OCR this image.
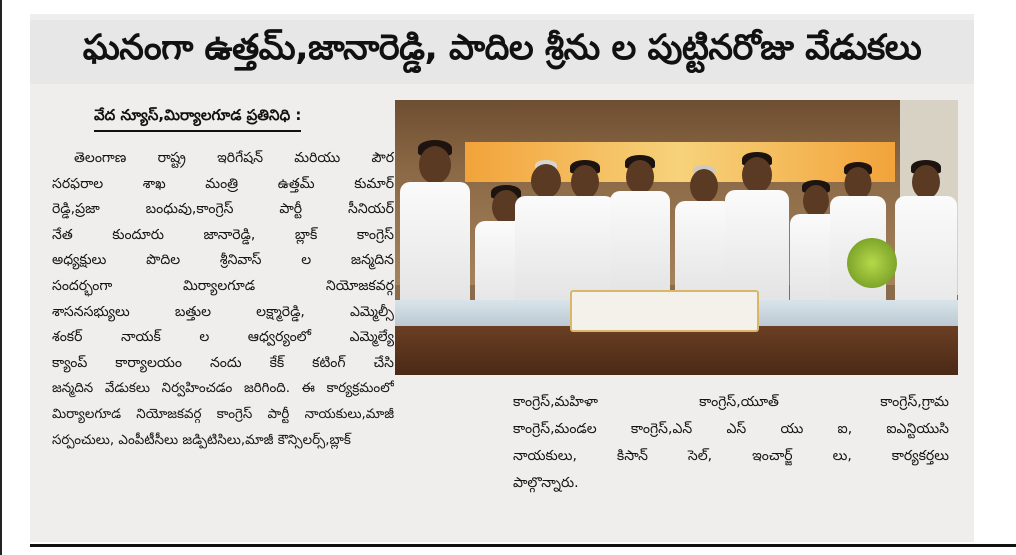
ఘనంగా ఉత్తమ్,జానారెడ్డి, పాదిల శ్రీను ల పుట్టినరోజు వేడుకలు
వేద న్యూస్,మిర్యాలగూడ ప్రతినిధి :
తెలంగాణ రాష్ట్ర ఇరిగేషన్ మరియు పౌర
సరఫరాల శాఖ మంత్రి ఉత్తమ్ కుమార్
రెడ్డి,ప్రజా బంధువు,కాంగ్రెస్ పార్టీ సీనియర్
నేత కుందూరు జానారెడ్డి, బ్లాక్ కాంగ్రెస్
అధ్యక్షులు పొదిల శ్రీనివాస్ ల జన్మదిన
సందర్భంగా మిర్యాలగూడ నియోజకవర్గ
శాసనసభ్యులు బత్తుల లక్ష్మారెడ్డి, ఎమ్మెల్సీ
శంకర్ నాయక్ ల ఆధ్వర్యంలో ఎమ్మెల్యే
క్యాంప్ కార్యాలయం నందు కేక్ కటింగ్ చేసి
జన్మదిన వేడుకలు నిర్వహించడం జరిగింది. ఈ కార్యక్రమంలో
మిర్యాలగూడ నియోజకవర్గ కాంగ్రెస్ పార్టీ నాయకులు,మాజీ
సర్పంచులు, ఎంపీటీసీలు జడ్పిటిసిలు,మాజీ కౌన్సిలర్స్,బ్లాక్
కాంగ్రెస్,మహిళా కాంగ్రెస్,యూత్ కాంగ్రెస్,గ్రామ
కాంగ్రెస్,మండల కాంగ్రెస్,ఎన్ ఎస్ యు ఐ, ఐఎన్టియుసి
నాయకులు, కిసాన్ సెల్, ఇంచార్జ్ లు, కార్యకర్తలు
పాల్గొన్నారు.
